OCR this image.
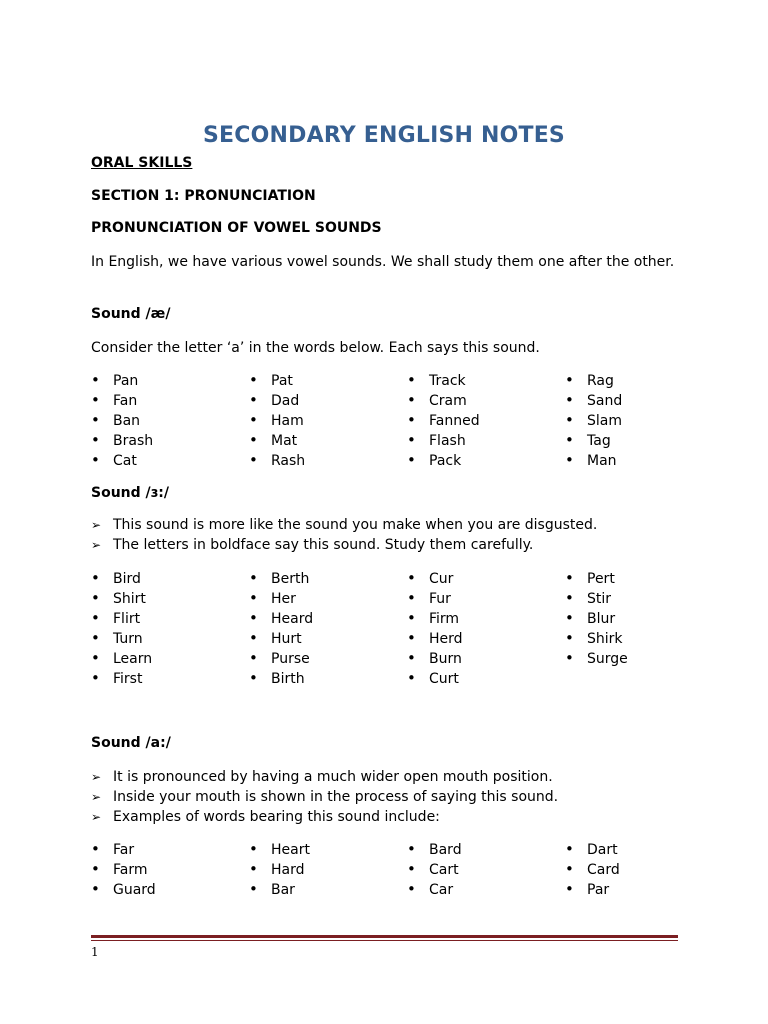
SECONDARY ENGLISH NOTES
ORAL SKILLS
SECTION 1: PRONUNCIATION
PRONUNCIATION OF VOWEL SOUNDS
In English, we have various vowel sounds. We shall study them one after the other.
Sound /æ/
Consider the letter ‘a’ in the words below. Each says this sound.
• Pan
• Fan
• Ban
• Brash
• Cat
• Pat
• Dad
• Ham
• Mat
• Rash
• Track
• Cram
• Fanned
• Flash
• Pack
• Rag
• Sand
• Slam
• Tag
• Man
Sound /ɜ:/
➢ This sound is more like the sound you make when you are disgusted.
➢ The letters in boldface say this sound. Study them carefully.
• Bird
• Shirt
• Flirt
• Turn
• Learn
• First
• Berth
• Her
• Heard
• Hurt
• Purse
• Birth
• Cur
• Fur
• Firm
• Herd
• Burn
• Curt
• Pert
• Stir
• Blur
• Shirk
• Surge
Sound /a:/
➢ It is pronounced by having a much wider open mouth position.
➢ Inside your mouth is shown in the process of saying this sound.
➢ Examples of words bearing this sound include:
• Far
• Farm
• Guard
• Heart
• Hard
• Bar
• Bard
• Cart
• Car
• Dart
• Card
• Par
1
